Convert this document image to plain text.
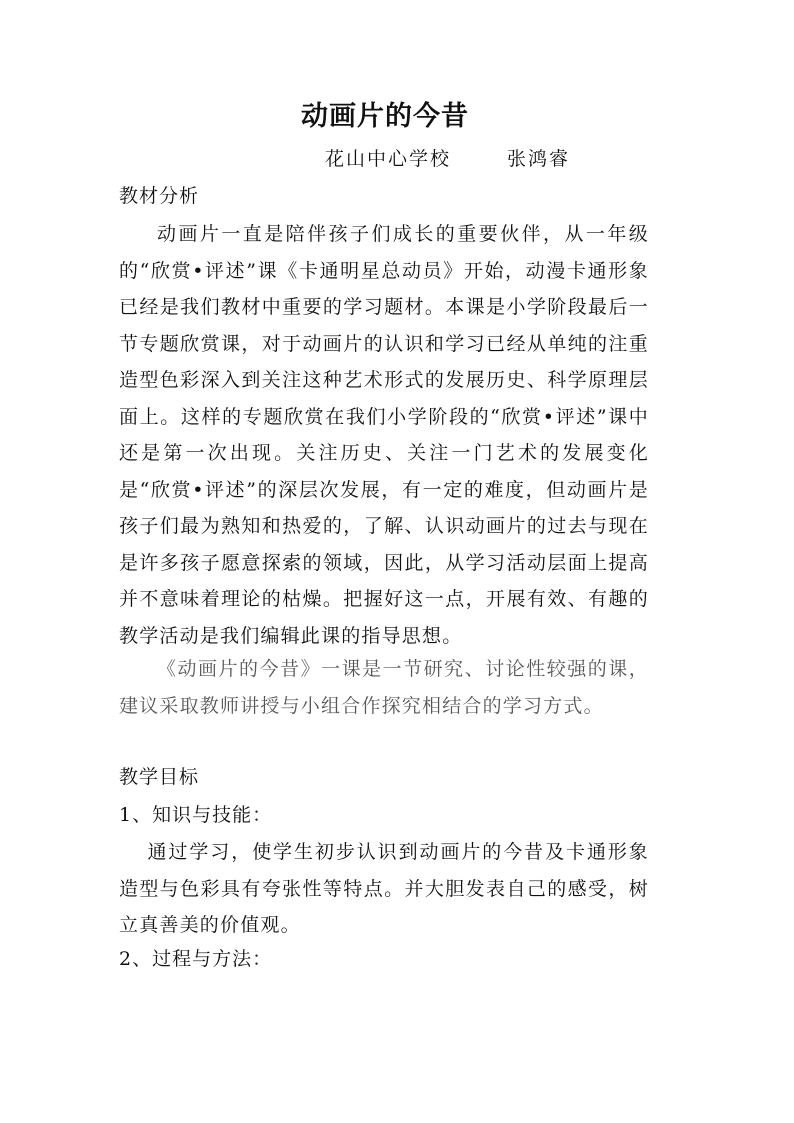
动画片的今昔
花山中心学校	张鸿睿
教材分析

动画片一直是陪伴孩子们成长的重要伙伴，从一年级的“欣赏•评述”课《卡通明星总动员》开始，动漫卡通形象已经是我们教材中重要的学习题材。本课是小学阶段最后一节专题欣赏课，对于动画片的认识和学习已经从单纯的注重造型色彩深入到关注这种艺术形式的发展历史、科学原理层面上。这样的专题欣赏在我们小学阶段的“欣赏•评述”课中还是第一次出现。关注历史、关注一门艺术的发展变化是“欣赏•评述”的深层次发展，有一定的难度，但动画片是孩子们最为熟知和热爱的，了解、认识动画片的过去与现在是许多孩子愿意探索的领域，因此，从学习活动层面上提高并不意味着理论的枯燥。把握好这一点，开展有效、有趣的教学活动是我们编辑此课的指导思想。

《动画片的今昔》一课是一节研究、讨论性较强的课，建议采取教师讲授与小组合作探究相结合的学习方式。

教学目标
1、知识与技能：

通过学习，使学生初步认识到动画片的今昔及卡通形象造型与色彩具有夸张性等特点。并大胆发表自己的感受，树立真善美的价值观。

2、过程与方法：
